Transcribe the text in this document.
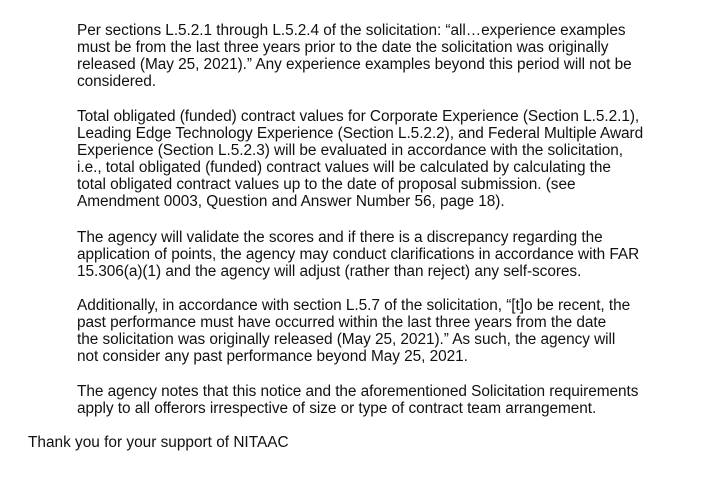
Per sections L.5.2.1 through L.5.2.4 of the solicitation: “all…experience examples
must be from the last three years prior to the date the solicitation was originally
released (May 25, 2021).” Any experience examples beyond this period will not be
considered.

Total obligated (funded) contract values for Corporate Experience (Section L.5.2.1),
Leading Edge Technology Experience (Section L.5.2.2), and Federal Multiple Award
Experience (Section L.5.2.3) will be evaluated in accordance with the solicitation,
i.e., total obligated (funded) contract values will be calculated by calculating the
total obligated contract values up to the date of proposal submission. (see
Amendment 0003, Question and Answer Number 56, page 18).

The agency will validate the scores and if there is a discrepancy regarding the
application of points, the agency may conduct clarifications in accordance with FAR
15.306(a)(1) and the agency will adjust (rather than reject) any self-scores.

Additionally, in accordance with section L.5.7 of the solicitation, “[t]o be recent, the
past performance must have occurred within the last three years from the date
the solicitation was originally released (May 25, 2021).” As such, the agency will
not consider any past performance beyond May 25, 2021.

The agency notes that this notice and the aforementioned Solicitation requirements
apply to all offerors irrespective of size or type of contract team arrangement.

Thank you for your support of NITAAC
